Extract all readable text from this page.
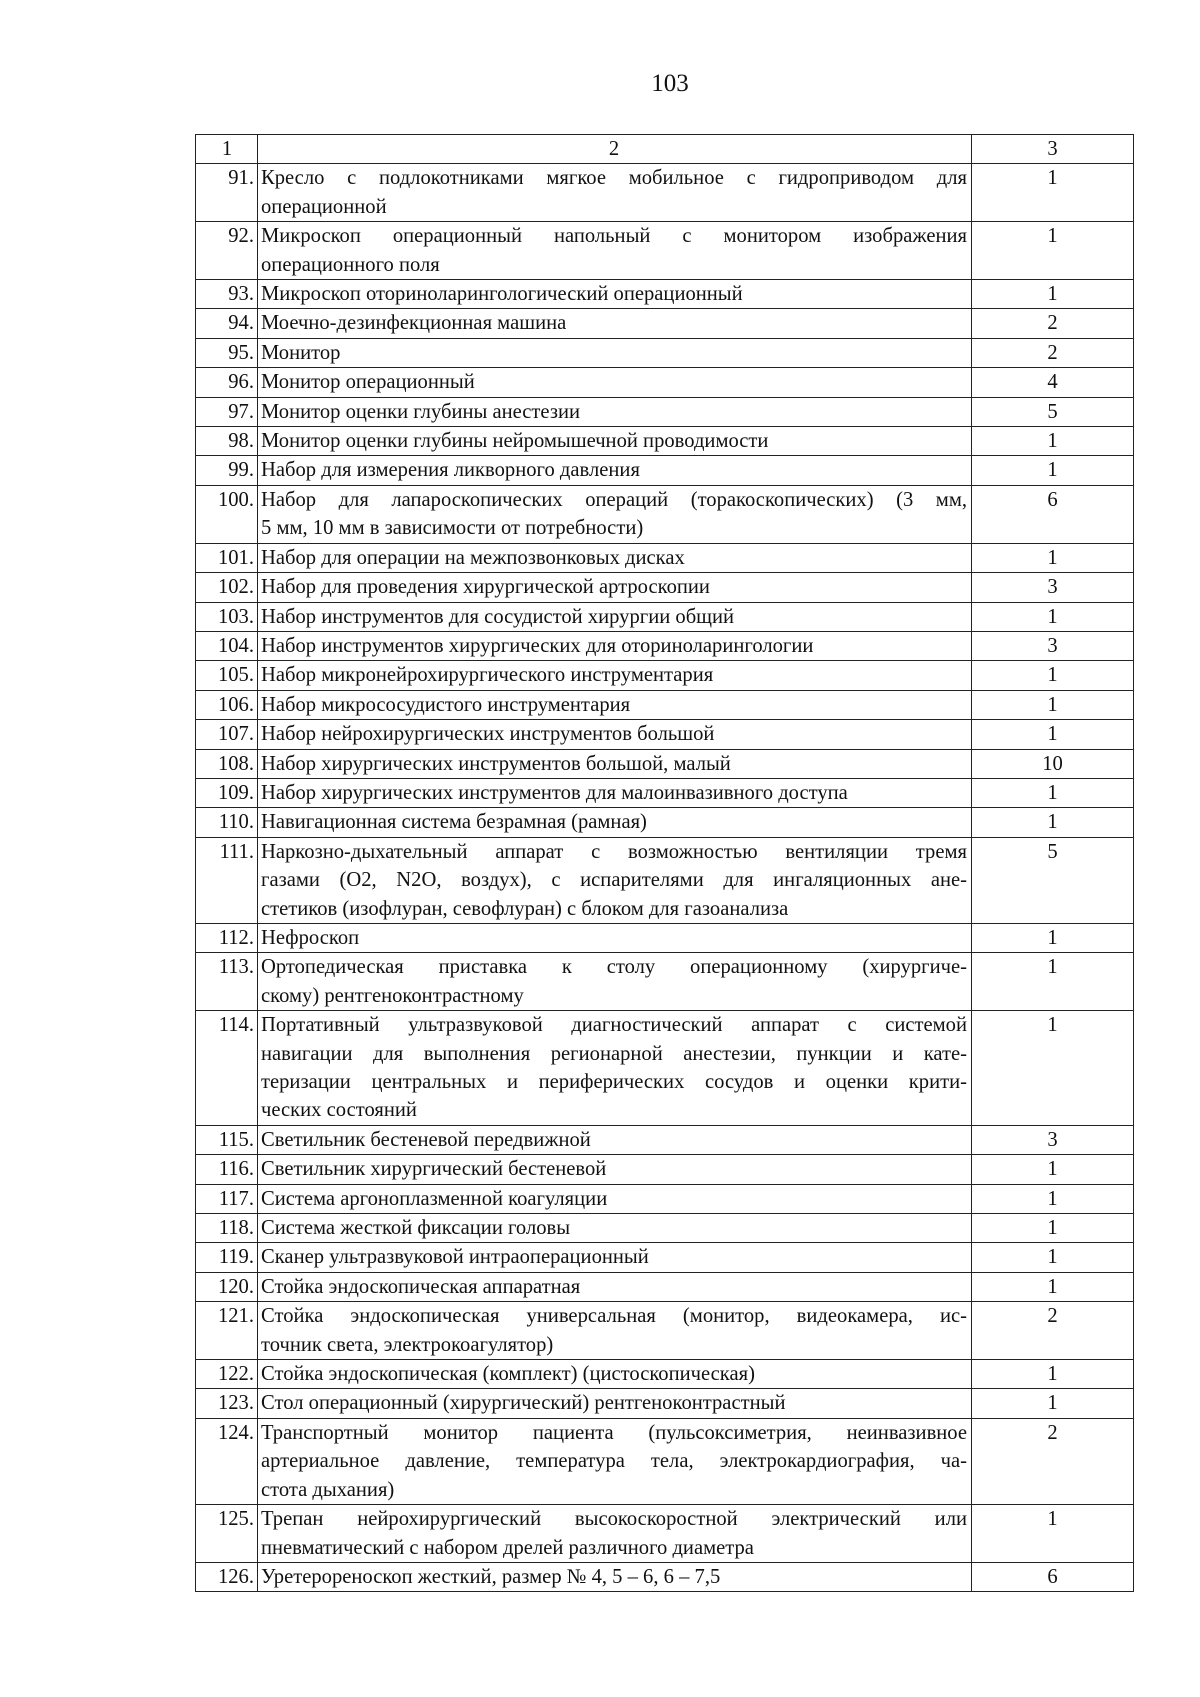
103
1	2	3
91.	Кресло с подлокотниками мягкое мобильное с гидроприводом для
операционной	1
92.	Микроскоп операционный напольный с монитором изображения
операционного поля	1
93.	Микроскоп оториноларингологический операционный	1
94.	Моечно-дезинфекционная машина	2
95.	Монитор	2
96.	Монитор операционный	4
97.	Монитор оценки глубины анестезии	5
98.	Монитор оценки глубины нейромышечной проводимости	1
99.	Набор для измерения ликворного давления	1
100.	Набор для лапароскопических операций (торакоскопических) (3 мм,
5 мм, 10 мм в зависимости от потребности)	6
101.	Набор для операции на межпозвонковых дисках	1
102.	Набор для проведения хирургической артроскопии	3
103.	Набор инструментов для сосудистой хирургии общий	1
104.	Набор инструментов хирургических для оториноларингологии	3
105.	Набор микронейрохирургического инструментария	1
106.	Набор микрососудистого инструментария	1
107.	Набор нейрохирургических инструментов большой	1
108.	Набор хирургических инструментов большой, малый	10
109.	Набор хирургических инструментов для малоинвазивного доступа	1
110.	Навигационная система безрамная (рамная)	1
111.	Наркозно-дыхательный аппарат с возможностью вентиляции тремя
газами (O2, N2O, воздух), с испарителями для ингаляционных ане-
стетиков (изофлуран, севофлуран) с блоком для газоанализа	5
112.	Нефроскоп	1
113.	Ортопедическая приставка к столу операционному (хирургиче-
скому) рентгеноконтрастному	1
114.	Портативный ультразвуковой диагностический аппарат с системой
навигации для выполнения регионарной анестезии, пункции и кате-
теризации центральных и периферических сосудов и оценки крити-
ческих состояний	1
115.	Светильник бестеневой передвижной	3
116.	Светильник хирургический бестеневой	1
117.	Система аргоноплазменной коагуляции	1
118.	Система жесткой фиксации головы	1
119.	Сканер ультразвуковой интраоперационный	1
120.	Стойка эндоскопическая аппаратная	1
121.	Стойка эндоскопическая универсальная (монитор, видеокамера, ис-
точник света, электрокоагулятор)	2
122.	Стойка эндоскопическая (комплект) (цистоскопическая)	1
123.	Стол операционный (хирургический) рентгеноконтрастный	1
124.	Транспортный монитор пациента (пульсоксиметрия, неинвазивное
артериальное давление, температура тела, электрокардиография, ча-
стота дыхания)	2
125.	Трепан нейрохирургический высокоскоростной электрический или
пневматический с набором дрелей различного диаметра	1
126.	Уретерореноскоп жесткий, размер № 4, 5 – 6, 6 – 7,5	6
